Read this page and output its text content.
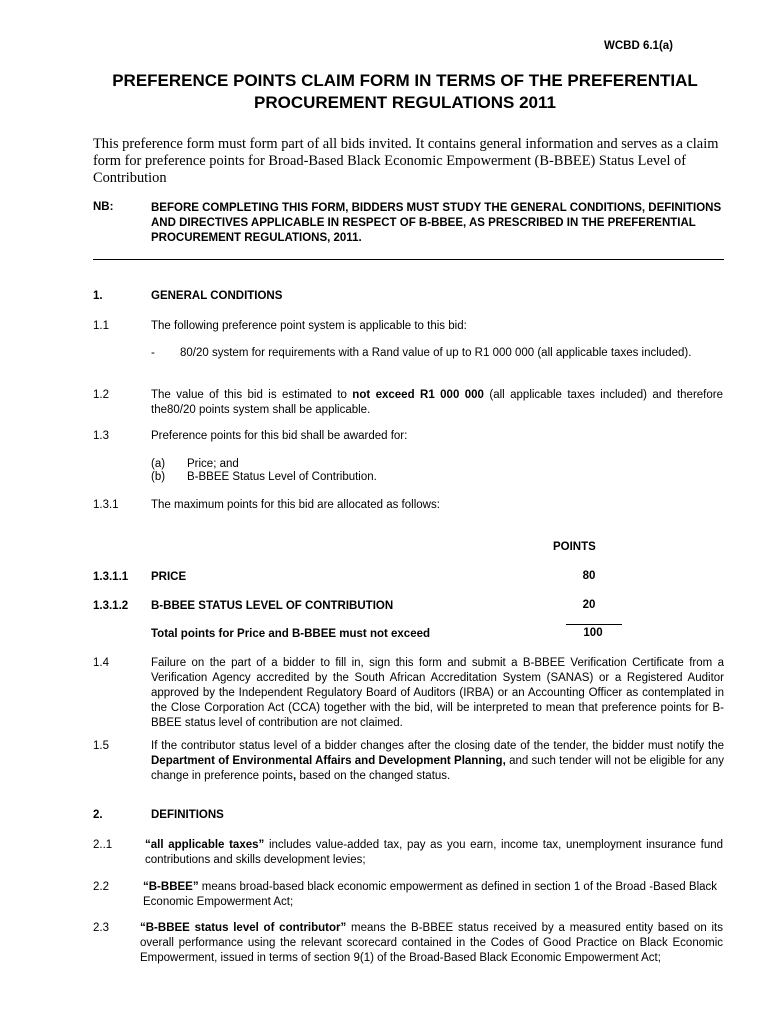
WCBD 6.1(a)
PREFERENCE POINTS CLAIM FORM IN TERMS OF THE PREFERENTIAL PROCUREMENT REGULATIONS 2011
This preference form must form part of all bids invited. It contains general information and serves as a claim form for preference points for Broad-Based Black Economic Empowerment (B-BBEE) Status Level of Contribution
NB:	BEFORE COMPLETING THIS FORM, BIDDERS MUST STUDY THE GENERAL CONDITIONS, DEFINITIONS AND DIRECTIVES APPLICABLE IN RESPECT OF B-BBEE, AS PRESCRIBED IN THE PREFERENTIAL PROCUREMENT REGULATIONS, 2011.
1.	GENERAL CONDITIONS
1.1	The following preference point system is applicable to this bid:
- 80/20 system for requirements with a Rand value of up to R1 000 000 (all applicable taxes included).
1.2	The value of this bid is estimated to not exceed R1 000 000 (all applicable taxes included) and therefore the80/20 points system shall be applicable.
1.3	Preference points for this bid shall be awarded for:
(a) Price; and
(b) B-BBEE Status Level of Contribution.
1.3.1	The maximum points for this bid are allocated as follows:
POINTS
1.3.1.1 PRICE	80
1.3.1.2 B-BBEE STATUS LEVEL OF CONTRIBUTION	20
Total points for Price and B-BBEE must not exceed	100
1.4	Failure on the part of a bidder to fill in, sign this form and submit a B-BBEE Verification Certificate from a Verification Agency accredited by the South African Accreditation System (SANAS) or a Registered Auditor approved by the Independent Regulatory Board of Auditors (IRBA) or an Accounting Officer as contemplated in the Close Corporation Act (CCA) together with the bid, will be interpreted to mean that preference points for B-BBEE status level of contribution are not claimed.
1.5	If the contributor status level of a bidder changes after the closing date of the tender, the bidder must notify the Department of Environmental Affairs and Development Planning, and such tender will not be eligible for any change in preference points, based on the changed status.
2.	DEFINITIONS
2..1	“all applicable taxes” includes value-added tax, pay as you earn, income tax, unemployment insurance fund contributions and skills development levies;
2.2	“B-BBEE” means broad-based black economic empowerment as defined in section 1 of the Broad -Based Black Economic Empowerment Act;
2.3	“B-BBEE status level of contributor” means the B-BBEE status received by a measured entity based on its overall performance using the relevant scorecard contained in the Codes of Good Practice on Black Economic Empowerment, issued in terms of section 9(1) of the Broad-Based Black Economic Empowerment Act;
